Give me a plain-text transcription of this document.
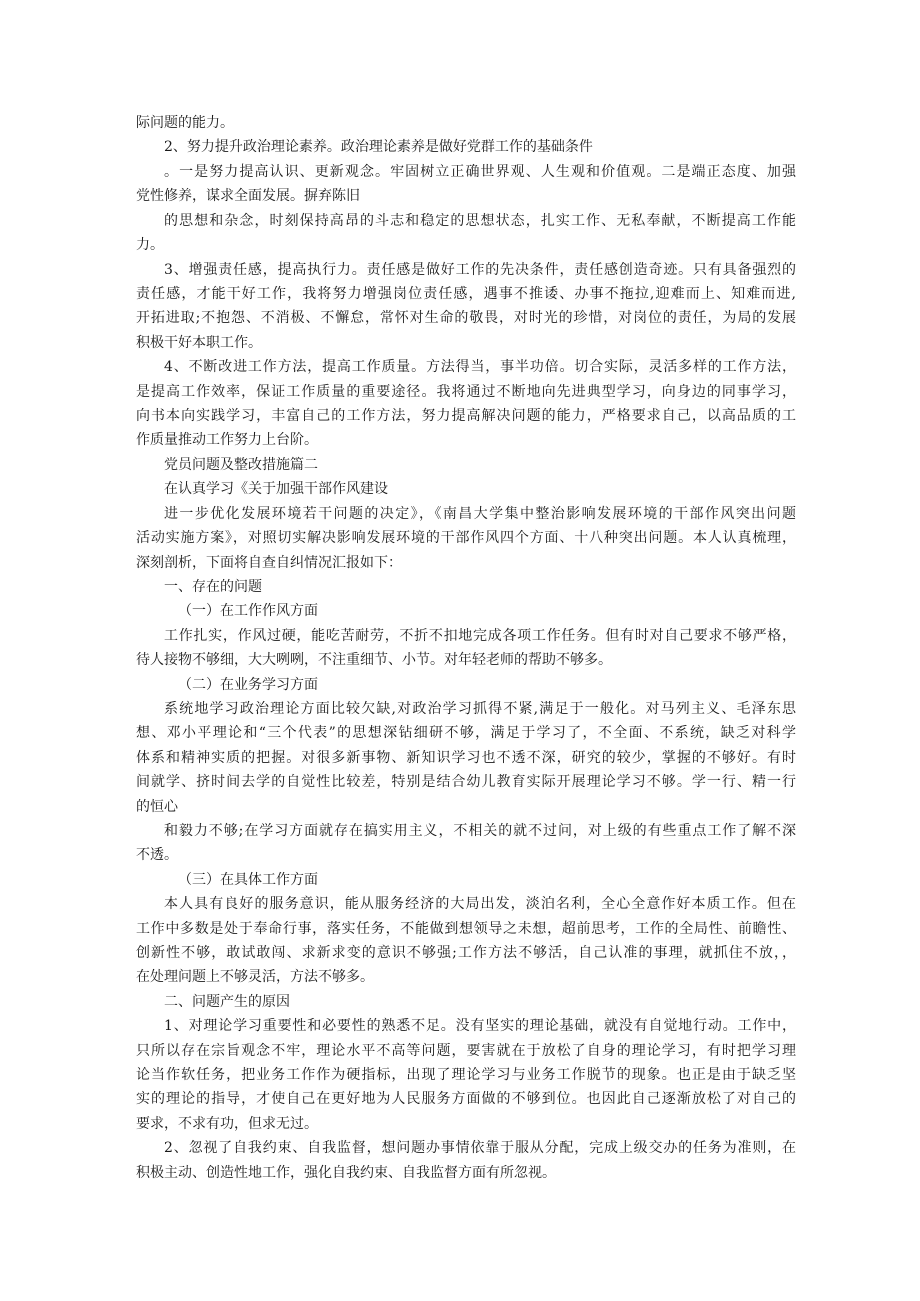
际问题的能力。
2、努力提升政治理论素养。政治理论素养是做好党群工作的基础条件
。一是努力提高认识、更新观念。牢固树立正确世界观、人生观和价值观。二是端正态度、加强
党性修养，谋求全面发展。摒弃陈旧
的思想和杂念，时刻保持高昂的斗志和稳定的思想状态，扎实工作、无私奉献，不断提高工作能
力。
3、增强责任感，提高执行力。责任感是做好工作的先决条件，责任感创造奇迹。只有具备强烈的
责任感，才能干好工作，我将努力增强岗位责任感，遇事不推诿、办事不拖拉,迎难而上、知难而进,
开拓进取;不抱怨、不消极、不懈怠，常怀对生命的敬畏，对时光的珍惜，对岗位的责任，为局的发展
积极干好本职工作。
4、不断改进工作方法，提高工作质量。方法得当，事半功倍。切合实际，灵活多样的工作方法，
是提高工作效率，保证工作质量的重要途径。我将通过不断地向先进典型学习，向身边的同事学习，
向书本向实践学习，丰富自己的工作方法，努力提高解决问题的能力，严格要求自己，以高品质的工
作质量推动工作努力上台阶。
党员问题及整改措施篇二
在认真学习《关于加强干部作风建设
进一步优化发展环境若干问题的决定》，《南昌大学集中整治影响发展环境的干部作风突出问题
活动实施方案》，对照切实解决影响发展环境的干部作风四个方面、十八种突出问题。本人认真梳理，
深刻剖析，下面将自查自纠情况汇报如下：
一、存在的问题
（一）在工作作风方面
工作扎实，作风过硬，能吃苦耐劳，不折不扣地完成各项工作任务。但有时对自己要求不够严格，
待人接物不够细，大大咧咧，不注重细节、小节。对年轻老师的帮助不够多。
（二）在业务学习方面
系统地学习政治理论方面比较欠缺,对政治学习抓得不紧,满足于一般化。对马列主义、毛泽东思
想、邓小平理论和“三个代表”的思想深钻细研不够，满足于学习了，不全面、不系统，缺乏对科学
体系和精神实质的把握。对很多新事物、新知识学习也不透不深，研究的较少，掌握的不够好。有时
间就学、挤时间去学的自觉性比较差，特别是结合幼儿教育实际开展理论学习不够。学一行、精一行
的恒心
和毅力不够;在学习方面就存在搞实用主义，不相关的就不过问，对上级的有些重点工作了解不深
不透。
（三）在具体工作方面
本人具有良好的服务意识，能从服务经济的大局出发，淡泊名利，全心全意作好本质工作。但在
工作中多数是处于奉命行事，落实任务，不能做到想领导之未想，超前思考，工作的全局性、前瞻性、
创新性不够，敢试敢闯、求新求变的意识不够强;工作方法不够活，自己认准的事理，就抓住不放，，
在处理问题上不够灵活，方法不够多。
二、问题产生的原因
1、对理论学习重要性和必要性的熟悉不足。没有坚实的理论基础，就没有自觉地行动。工作中，
只所以存在宗旨观念不牢，理论水平不高等问题，要害就在于放松了自身的理论学习，有时把学习理
论当作软任务，把业务工作作为硬指标，出现了理论学习与业务工作脱节的现象。也正是由于缺乏坚
实的理论的指导，才使自己在更好地为人民服务方面做的不够到位。也因此自己逐渐放松了对自己的
要求，不求有功，但求无过。
2、忽视了自我约束、自我监督，想问题办事情依靠于服从分配，完成上级交办的任务为准则，在
积极主动、创造性地工作，强化自我约束、自我监督方面有所忽视。
